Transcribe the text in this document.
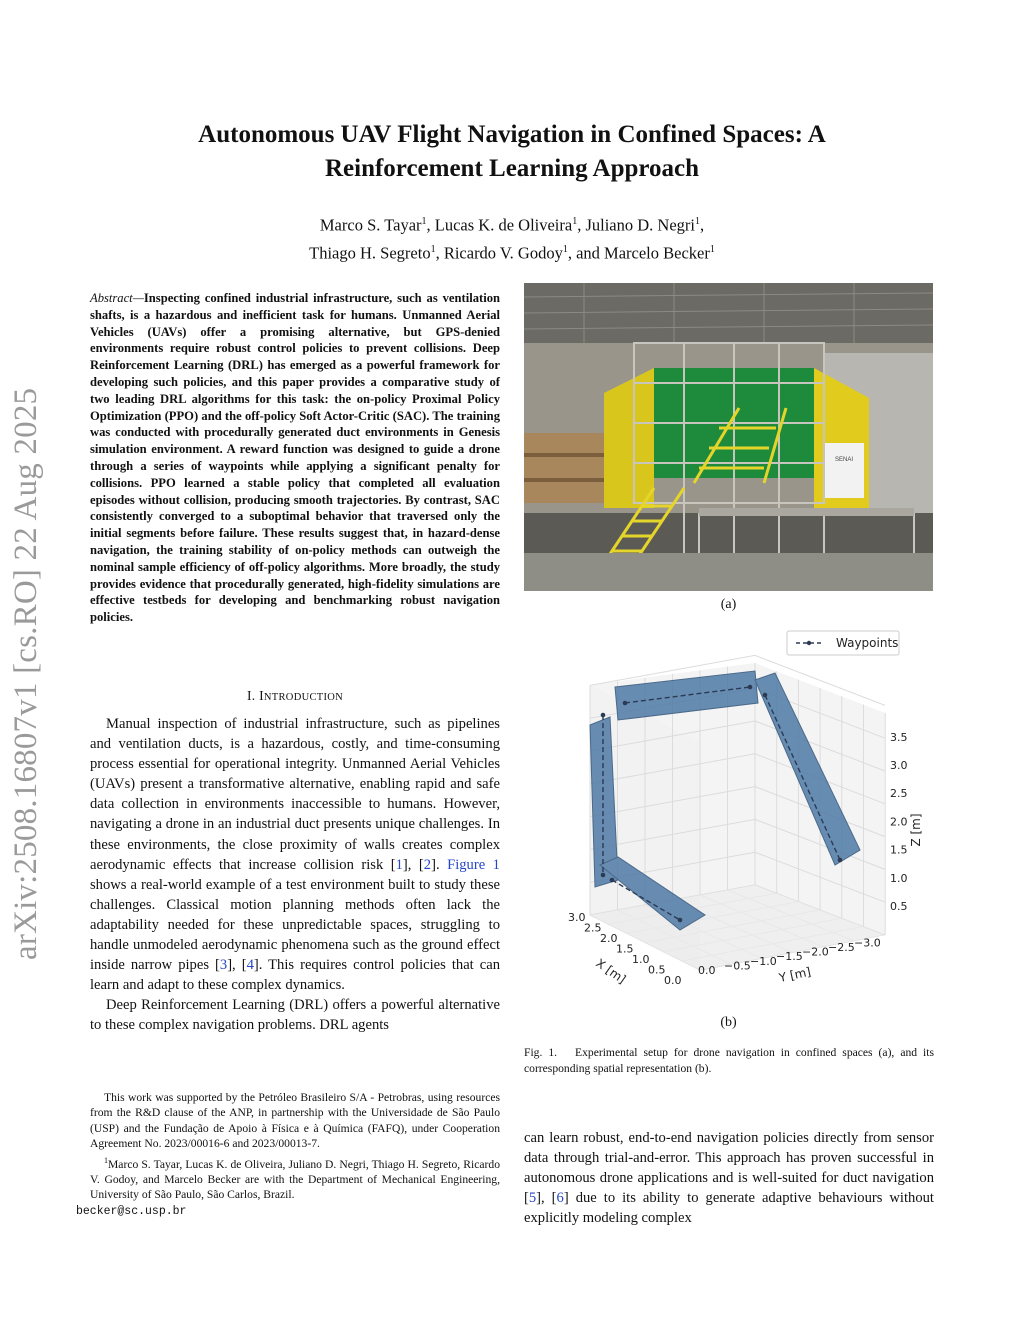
arXiv:2508.16807v1 [cs.RO] 22 Aug 2025
Autonomous UAV Flight Navigation in Confined Spaces: A
Reinforcement Learning Approach
Marco S. Tayar$^1$, Lucas K. de Oliveira$^1$, Juliano D. Negri$^1$,
Thiago H. Segreto$^1$, Ricardo V. Godoy$^1$, and Marcelo Becker$^1$
Abstract—Inspecting confined industrial infrastructure, such as ventilation shafts, is a hazardous and inefficient task for humans. Unmanned Aerial Vehicles (UAVs) offer a promising alternative, but GPS-denied environments require robust control policies to prevent collisions. Deep Reinforcement Learning (DRL) has emerged as a powerful framework for developing such policies, and this paper provides a comparative study of two leading DRL algorithms for this task: the on-policy Proximal Policy Optimization (PPO) and the off-policy Soft Actor-Critic (SAC). The training was conducted with procedurally generated duct environments in Genesis simulation environment. A reward function was designed to guide a drone through a series of waypoints while applying a significant penalty for collisions. PPO learned a stable policy that completed all evaluation episodes without collision, producing smooth trajectories. By contrast, SAC consistently converged to a suboptimal behavior that traversed only the initial segments before failure. These results suggest that, in hazard-dense navigation, the training stability of on-policy methods can outweigh the nominal sample efficiency of off-policy algorithms. More broadly, the study provides evidence that procedurally generated, high-fidelity simulations are effective testbeds for developing and benchmarking robust navigation policies.
I. INTRODUCTION

Manual inspection of industrial infrastructure, such as pipelines and ventilation ducts, is a hazardous, costly, and time-consuming process essential for operational integrity. Unmanned Aerial Vehicles (UAVs) present a transformative alternative, enabling rapid and safe data collection in environments inaccessible to humans. However, navigating a drone in an industrial duct presents unique challenges. In these environments, the close proximity of walls creates complex aerodynamic effects that increase collision risk [1], [2]. Figure 1 shows a real-world example of a test environment built to study these challenges. Classical motion planning methods often lack the adaptability needed for these unpredictable spaces, struggling to handle unmodeled aerodynamic phenomena such as the ground effect inside narrow pipes [3], [4]. This requires control policies that can learn and adapt to these complex dynamics.

Deep Reinforcement Learning (DRL) offers a powerful alternative to these complex navigation problems. DRL agents

This work was supported by the Petróleo Brasileiro S/A - Petrobras, using resources from the R&D clause of the ANP, in partnership with the Universidade de São Paulo (USP) and the Fundação de Apoio à Física e à Química (FAFQ), under Cooperation Agreement No. 2023/00016-6 and 2023/00013-7.

$^1$Marco S. Tayar, Lucas K. de Oliveira, Juliano D. Negri, Thiago H. Segreto, Ricardo V. Godoy, and Marcelo Becker are with the Department of Mechanical Engineering, University of São Paulo, São Carlos, Brazil.
becker@sc.usp.br

SENAI
(a)
Waypoints
0.5
1.0
1.5
2.0
2.5
3.0
3.5
3.0
2.5
2.0
1.5
1.0
0.5
0.0
0.0 −0.5 −1.0 −1.5 −2.0 −2.5 −3.0
Z [m]
X [m]	Y [m]
(b)
Fig. 1. Experimental setup for drone navigation in confined spaces (a), and its corresponding spatial representation (b).
can learn robust, end-to-end navigation policies directly from sensor data through trial-and-error. This approach has proven successful in autonomous drone applications and is well-suited for duct navigation [5], [6] due to its ability to generate adaptive behaviours without explicitly modeling complex
